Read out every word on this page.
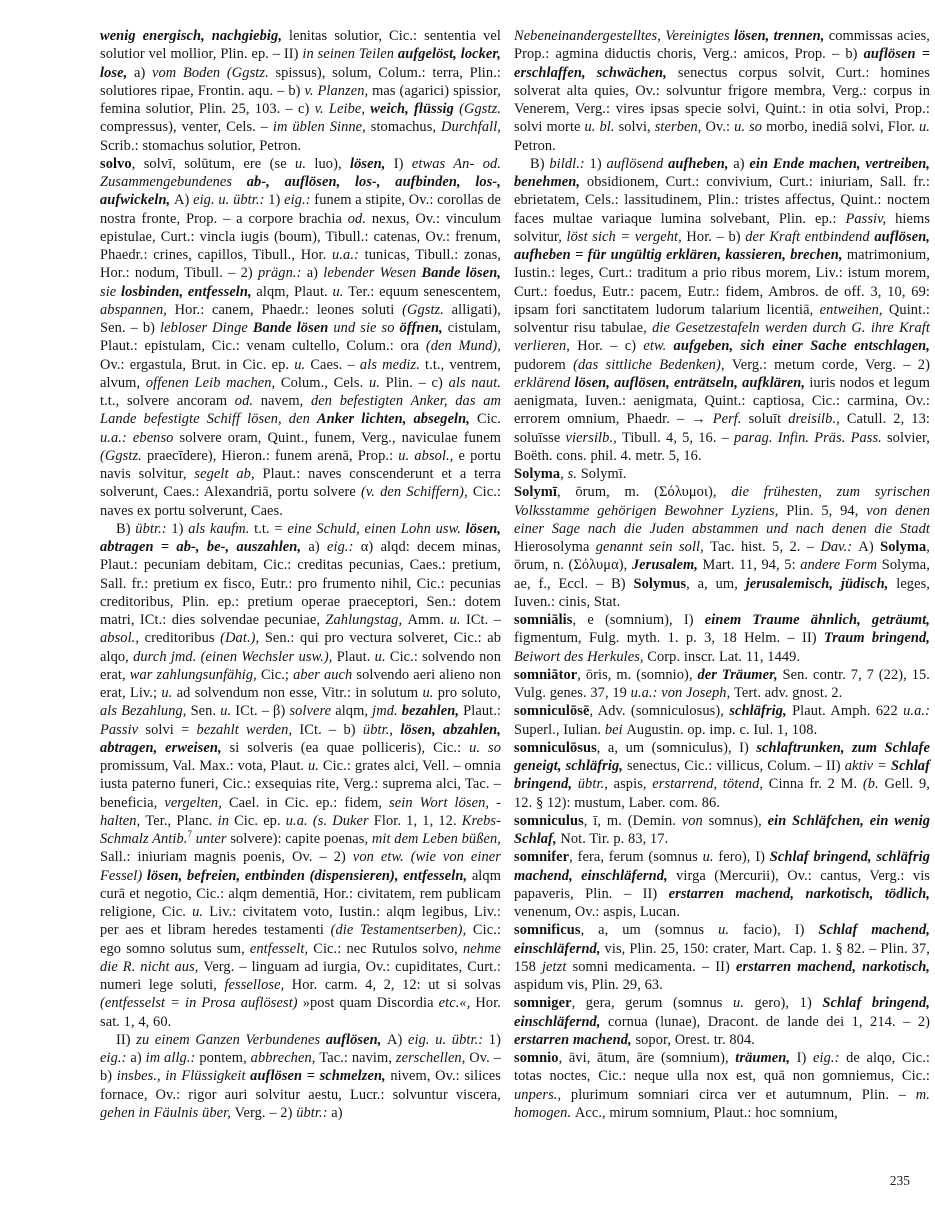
wenig energisch, nachgiebig, lenitas solutior, Cic.: sententia vel solutior vel mollior, Plin. ep. – II) in seinen Teilen aufgelöst, locker, lose, a) vom Boden (Ggstz. spissus), solum, Colum.: terra, Plin.: solutiores ripae, Frontin. aqu. – b) v. Planzen, mas (agarici) spissior, femina solutior, Plin. 25, 103. – c) v. Leibe, weich, flüssig (Ggstz. compressus), venter, Cels. – im üblen Sinne, stomachus, Durchfall, Scrib.: stomachus solutior, Petron.
solvo, solvī, solūtum, ere (se u. luo), lösen, I) etwas An- od. Zusammengebundenes ab-, auflösen, los-, aufbinden, los-, aufwickeln, A) eig. u. übtr.: 1) eig.: funem a stipite, Ov.: corollas de nostra fronte, Prop. – a corpore brachia od. nexus, Ov.: vinculum epistulae, Curt.: vincla iugis (boum), Tibull.: catenas, Ov.: frenum, Phaedr.: crines, capillos, Tibull., Hor. u.a.: tunicas, Tibull.: zonas, Hor.: nodum, Tibull. – 2) prägn.: a) lebender Wesen Bande lösen, sie losbinden, entfesseln, alqm, Plaut. u. Ter.: equum senescentem, abspannen, Hor.: canem, Phaedr.: leones soluti (Ggstz. alligati), Sen. – b) lebloser Dinge Bande lösen und sie so öffnen, cistulam, Plaut.: epistulam, Cic.: venam cultello, Colum.: ora (den Mund), Ov.: ergastula, Brut. in Cic. ep. u. Caes. – als mediz. t.t., ventrem, alvum, offenen Leib machen, Colum., Cels. u. Plin. – c) als naut. t.t., solvere ancoram od. navem, den befestigten Anker, das am Lande befestigte Schiff lösen, den Anker lichten, absegeln, Cic. u.a.: ebenso solvere oram, Quint., funem, Verg., naviculae funem (Ggstz. praecīdere), Hieron.: funem arenā, Prop.: u. absol., e portu navis solvitur, segelt ab, Plaut.: naves conscenderunt et a terra solverunt, Caes.: Alexandriā, portu solvere (v. den Schiffern), Cic.: naves ex portu solverunt, Caes.
B) übtr.: 1) als kaufm. t.t. = eine Schuld, einen Lohn usw. lösen, abtragen = ab-, be-, auszahlen, a) eig.: α) alqd: decem minas, Plaut.: pecuniam debitam, Cic.: creditas pecunias, Caes.: pretium, Sall. fr.: pretium ex fisco, Eutr.: pro frumento nihil, Cic.: pecunias creditoribus, Plin. ep.: pretium operae praeceptori, Sen.: dotem matri, ICt.: dies solvendae pecuniae, Zahlungstag, Amm. u. ICt. – absol., creditoribus (Dat.), Sen.: qui pro vectura solveret, Cic.: ab alqo, durch jmd. (einen Wechsler usw.), Plaut. u. Cic.: solvendo non erat, war zahlungsunfähig, Cic.; aber auch solvendo aeri alieno non erat, Liv.; u. ad solvendum non esse, Vitr.: in solutum u. pro soluto, als Bezahlung, Sen. u. ICt. – β) solvere alqm, jmd. bezahlen, Plaut.: Passiv solvi = bezahlt werden, ICt. – b) übtr., lösen, abzahlen, abtragen, erweisen, si solveris (ea quae polliceris), Cic.: u. so promissum, Val. Max.: vota, Plaut. u. Cic.: grates alci, Vell. – omnia iusta paterno funeri, Cic.: exsequias rite, Verg.: suprema alci, Tac. – beneficia, vergelten, Cael. in Cic. ep.: fidem, sein Wort lösen, -halten, Ter., Planc. in Cic. ep. u.a. (s. Duker Flor. 1, 1, 12. Krebs-Schmalz Antib.$^7$ unter solvere): capite poenas, mit dem Leben büßen, Sall.: iniuriam magnis poenis, Ov. – 2) von etw. (wie von einer Fessel) lösen, befreien, entbinden (dispensieren), entfesseln, alqm curā et negotio, Cic.: alqm dementiā, Hor.: civitatem, rem publicam religione, Cic. u. Liv.: civitatem voto, Iustin.: alqm legibus, Liv.: per aes et libram heredes testamenti (die Testamentserben), Cic.: ego somno solutus sum, entfesselt, Cic.: nec Rutulos solvo, nehme die R. nicht aus, Verg. – linguam ad iurgia, Ov.: cupiditates, Curt.: numeri lege soluti, fessellose, Hor. carm. 4, 2, 12: ut si solvas (entfesselst = in Prosa auflösest) »post quam Discordia etc.«, Hor. sat. 1, 4, 60.
II) zu einem Ganzen Verbundenes auflösen, A) eig. u. übtr.: 1) eig.: a) im allg.: pontem, abbrechen, Tac.: navim, zerschellen, Ov. – b) insbes., in Flüssigkeit auflösen = schmelzen, nivem, Ov.: silices fornace, Ov.: rigor auri solvitur aestu, Lucr.: solvuntur viscera, gehen in Fäulnis über, Verg. – 2) übtr.: a)
Nebeneinandergestelltes, Vereinigtes lösen, trennen, commissas acies, Prop.: agmina diductis choris, Verg.: amicos, Prop. – b) auflösen = erschlaffen, schwächen, senectus corpus solvit, Curt.: homines solverat alta quies, Ov.: solvuntur frigore membra, Verg.: corpus in Venerem, Verg.: vires ipsas specie solvi, Quint.: in otia solvi, Prop.: solvi morte u. bl. solvi, sterben, Ov.: u. so morbo, inediā solvi, Flor. u. Petron.
B) bildl.: 1) auflösend aufheben, a) ein Ende machen, vertreiben, benehmen, obsidionem, Curt.: convivium, Curt.: iniuriam, Sall. fr.: ebrietatem, Cels.: lassitudinem, Plin.: tristes affectus, Quint.: noctem faces multae variaque lumina solvebant, Plin. ep.: Passiv, hiems solvitur, löst sich = vergeht, Hor. – b) der Kraft entbindend auflösen, aufheben = für ungültig erklären, kassieren, brechen, matrimonium, Iustin.: leges, Curt.: traditum a prio ribus morem, Liv.: istum morem, Curt.: foedus, Eutr.: pacem, Eutr.: fidem, Ambros. de off. 3, 10, 69: ipsam fori sanctitatem ludorum talarium licentiā, entweihen, Quint.: solventur risu tabulae, die Gesetzestafeln werden durch G. ihre Kraft verlieren, Hor. – c) etw. aufgeben, sich einer Sache entschlagen, pudorem (das sittliche Bedenken), Verg.: metum corde, Verg. – 2) erklärend lösen, auflösen, enträtseln, aufklären, iuris nodos et legum aenigmata, Iuven.: aenigmata, Quint.: captiosa, Cic.: carmina, Ov.: errorem omnium, Phaedr. – → Perf. soluīt dreisilb., Catull. 2, 13: soluīsse viersilb., Tibull. 4, 5, 16. – parag. Infin. Präs. Pass. solvier, Boëth. cons. phil. 4. metr. 5, 16.
Solyma, s. Solymī.
Solymī, ōrum, m. (Σόλυμοι), die frühesten, zum syrischen Volksstamme gehörigen Bewohner Lyziens, Plin. 5, 94, von denen einer Sage nach die Juden abstammen und nach denen die Stadt Hierosolyma genannt sein soll, Tac. hist. 5, 2. – Dav.: A) Solyma, ōrum, n. (Σόλυμα), Jerusalem, Mart. 11, 94, 5: andere Form Solyma, ae, f., Eccl. – B) Solymus, a, um, jerusalemisch, jüdisch, leges, Iuven.: cinis, Stat.
somniālis, e (somnium), I) einem Traume ähnlich, geträumt, figmentum, Fulg. myth. 1. p. 3, 18 Helm. – II) Traum bringend, Beiwort des Herkules, Corp. inscr. Lat. 11, 1449.
somniātor, ōris, m. (somnio), der Träumer, Sen. contr. 7, 7 (22), 15. Vulg. genes. 37, 19 u.a.: von Joseph, Tert. adv. gnost. 2.
somniculōsē, Adv. (somniculosus), schläfrig, Plaut. Amph. 622 u.a.: Superl., Iulian. bei Augustin. op. imp. c. Iul. 1, 108.
somniculōsus, a, um (somniculus), I) schlaftrunken, zum Schlafe geneigt, schläfrig, senectus, Cic.: villicus, Colum. – II) aktiv = Schlaf bringend, übtr., aspis, erstarrend, tötend, Cinna fr. 2 M. (b. Gell. 9, 12. § 12): mustum, Laber. com. 86.
somniculus, ī, m. (Demin. von somnus), ein Schläfchen, ein wenig Schlaf, Not. Tir. p. 83, 17.
somnifer, fera, ferum (somnus u. fero), I) Schlaf bringend, schläfrig machend, einschläfernd, virga (Mercurii), Ov.: cantus, Verg.: vis papaveris, Plin. – II) erstarren machend, narkotisch, tödlich, venenum, Ov.: aspis, Lucan.
somnificus, a, um (somnus u. facio), I) Schlaf machend, einschläfernd, vis, Plin. 25, 150: crater, Mart. Cap. 1. § 82. – Plin. 37, 158 jetzt somni medicamenta. – II) erstarren machend, narkotisch, aspidum vis, Plin. 29, 63.
somniger, gera, gerum (somnus u. gero), 1) Schlaf bringend, einschläfernd, cornua (lunae), Dracont. de lande dei 1, 214. – 2) erstarren machend, sopor, Orest. tr. 804.
somnio, āvi, ātum, āre (somnium), träumen, I) eig.: de alqo, Cic.: totas noctes, Cic.: neque ulla nox est, quā non gomniemus, Cic.: unpers., plurimum somniari circa ver et autumnum, Plin. – m. homogen. Acc., mirum somnium, Plaut.: hoc somnium,
235
